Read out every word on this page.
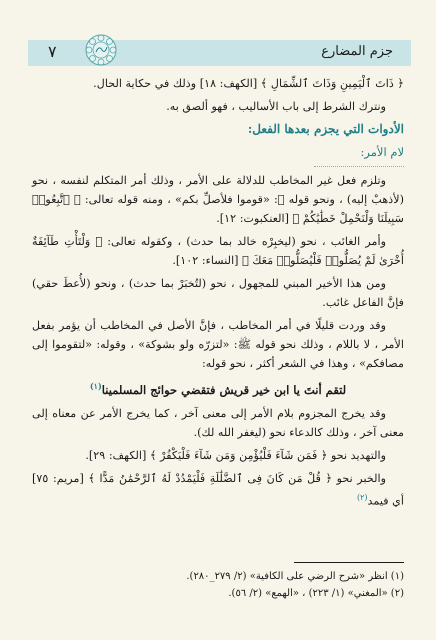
جزم المضارع
٧

﴿ ذَاتَ ٱلْيَمِينِ وَذَاتَ ٱلشِّمَالِ ﴾ [الكهف: ١٨] وذلك في حكاية الحال.

ونترك الشرط إلى باب الأساليب ، فهو ألصق به.

الأدوات التي يجزم بعدها الفعل:

لام الأمر:

وتلزم فعل غير المخاطب للدلالة على الأمر ، وذلك أمر المتكلم لنفسه ، نحو (لأذهبْ إليه) ، ونحو قوله ﷺ: «قوموا فلأصلِّ بكم» ، ومنه قوله تعالى: ﴿ ٱتَّبِعُوا۟ سَبِيلَنَا وَلْنَحْمِلْ خَطَٰيَٰكُمْ ﴾ [العنكبوت: ١٢].

وأمر الغائب ، نحو (ليخبِرْه خالد بما حدث) ، وكقوله تعالى: ﴿ وَلْتَأْتِ طَآئِفَةٌ أُخْرَىٰ لَمْ يُصَلُّوا۟ فَلْيُصَلُّوا۟ مَعَكَ ﴾ [النساء: ١٠٢].

ومن هذا الأخير المبني للمجهول ، نحو (لتُخبَرْ بما حدث) ، ونحو (لأُعطَ حقي) فإنَّ الفاعل غائب.

وقد وردت قليلًا في أمر المخاطب ، فإنَّ الأصل في المخاطب أن يؤمر بفعل الأمر ، لا باللام ، وذلك نحو قوله ﷺ: «لتزرّه ولو بشوكة» ، وقوله: «لتقوموا إلى مصافكم» ، وهذا في الشعر أكثر ، نحو قوله:

لتقم أنتَ يا ابن خير قريش فتقضي حوائج المسلمينا$^{(١)}$

وقد يخرج المجزوم بلام الأمر إلى معنى آخر ، كما يخرج الأمر عن معناه إلى معنى آخر ، وذلك كالدعاء نحو (ليغفر الله لك).

والتهديد نحو ﴿ فَمَن شَآءَ فَلْيُؤْمِن وَمَن شَآءَ فَلْيَكْفُرْ ﴾ [الكهف: ٢٩].

والخبر نحو ﴿ قُلْ مَن كَانَ فِى ٱلضَّلَٰلَةِ فَلْيَمْدُدْ لَهُ ٱلرَّحْمَٰنُ مَدًّا ﴾ [مريم: ٧٥] أي فيمد$^{(٢)}$

(١) انظر «شرح الرضي على الكافية» (٢/ ٢٧٩_٢٨٠).

(٢) «المغني» (١/ ٢٢٣) ، «الهمع» (٢/ ٥٦).
